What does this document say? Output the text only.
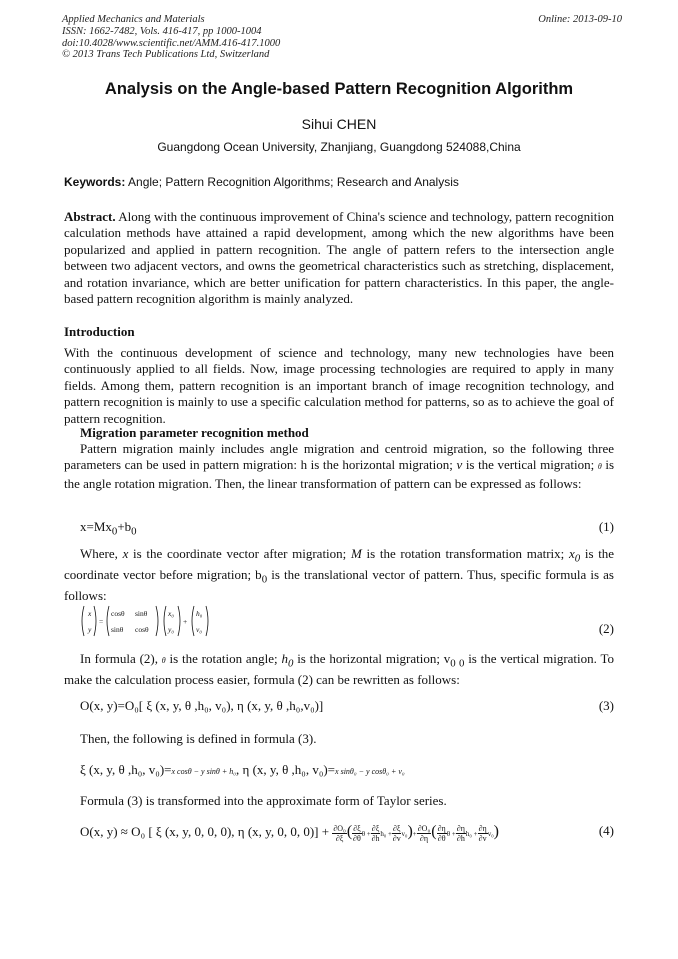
Applied Mechanics and Materials
ISSN: 1662-7482, Vols. 416-417, pp 1000-1004
doi:10.4028/www.scientific.net/AMM.416-417.1000
© 2013 Trans Tech Publications Ltd, Switzerland
Online: 2013-09-10
Analysis on the Angle-based Pattern Recognition Algorithm
Sihui CHEN
Guangdong Ocean University, Zhanjiang, Guangdong 524088,China
Keywords: Angle; Pattern Recognition Algorithms; Research and Analysis
Abstract. Along with the continuous improvement of China's science and technology, pattern recognition calculation methods have attained a rapid development, among which the new algorithms have been popularized and applied in pattern recognition. The angle of pattern refers to the intersection angle between two adjacent vectors, and owns the geometrical characteristics such as stretching, displacement, and rotation invariance, which are better unification for pattern characteristics. In this paper, the angle-based pattern recognition algorithm is mainly analyzed.
Introduction
With the continuous development of science and technology, many new technologies have been continuously applied to all fields. Now, image processing technologies are required to apply in many fields. Among them, pattern recognition is an important branch of image recognition technology, and pattern recognition is mainly to use a specific calculation method for patterns, so as to achieve the goal of pattern recognition.
Migration parameter recognition method
Pattern migration mainly includes angle migration and centroid migration, so the following three parameters can be used in pattern migration: h is the horizontal migration; v is the vertical migration; θ is the angle rotation migration. Then, the linear transformation of pattern can be expressed as follows:
$x=Mx_0+b_0$	(1)
Where, x is the coordinate vector after migration; M is the rotation transformation matrix; $x_0$ is the coordinate vector before migration; $b_0$ is the translational vector of pattern. Thus, specific formula is as follows:
x
y
=
cosθ sinθ
sinθ cosθ
x₀
y₀
+
h₀
v₀	(2)
In formula (2), θ is the rotation angle; $h_0$ is the horizontal migration; $v_{0 0}$ is the vertical migration. To make the calculation process easier, formula (2) can be rewritten as follows:
O(x, y)=O₀[ ξ (x, y, θ ,h₀, v₀), η (x, y, θ ,h₀,v₀)]	(3)
Then, the following is defined in formula (3).
ξ (x, y, θ ,h₀, v₀)=x cosθ − y sinθ + h₀, η (x, y, θ ,h₀, v₀)=x sinθ₀ − y cosθ₀ + v₀
Formula (3) is transformed into the approximate form of Taylor series.
O(x, y) ≈ O₀ [ ξ (x, y, 0, 0, 0), η (x, y, 0, 0, $0)] + \frac{\text{∂O₀}}{\partial\xi}$ ( $\frac{\partial\xi}{\partial\theta}$ $\theta + \frac{\partial\xi}{\partial h} h_0 + \frac{\partial\xi}{\partial v} v_0)+ \frac{\text{∂O₀}}{\partial\eta}$ ( $\frac{\partial\eta}{\partial\theta}$ $\theta + \frac{\partial\eta}{\partial h} h_0 + \frac{\partial\eta}{\partial v} v_0$)	(4)
